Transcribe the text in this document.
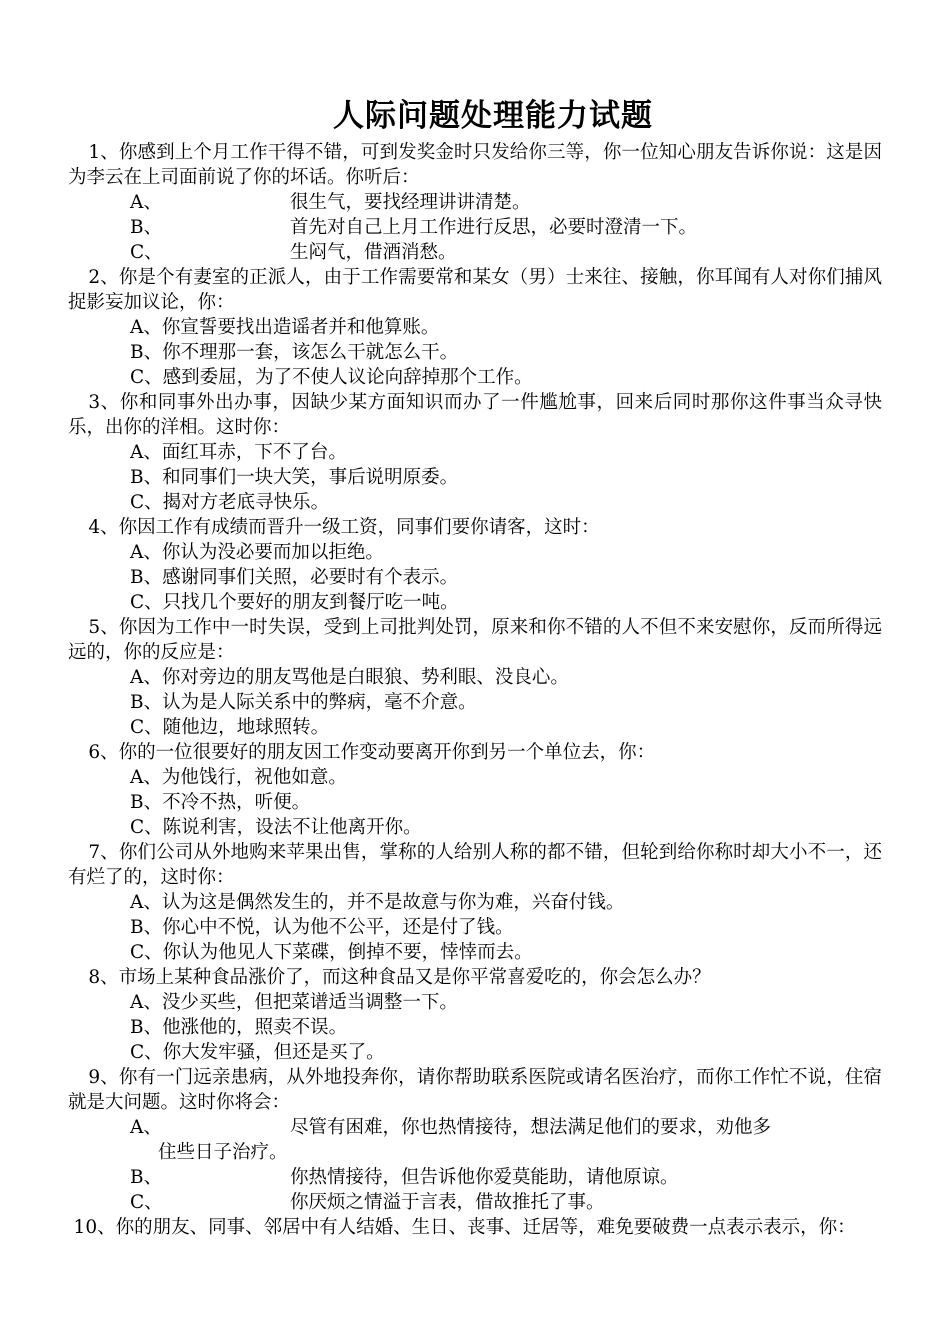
人际问题处理能力试题
1、你感到上个月工作干得不错，可到发奖金时只发给你三等，你一位知心朋友告诉你说：这是因为李云在上司面前说了你的坏话。你听后：
A、	很生气，要找经理讲讲清楚。
B、	首先对自己上月工作进行反思，必要时澄清一下。
C、	生闷气，借酒消愁。
2、你是个有妻室的正派人，由于工作需要常和某女（男）士来往、接触，你耳闻有人对你们捕风捉影妄加议论，你：
A、你宣誓要找出造谣者并和他算账。
B、你不理那一套，该怎么干就怎么干。
C、感到委屈，为了不使人议论向辞掉那个工作。
3、你和同事外出办事，因缺少某方面知识而办了一件尴尬事，回来后同时那你这件事当众寻快乐，出你的洋相。这时你：
A、面红耳赤，下不了台。
B、和同事们一块大笑，事后说明原委。
C、揭对方老底寻快乐。
4、你因工作有成绩而晋升一级工资，同事们要你请客，这时：
A、你认为没必要而加以拒绝。
B、感谢同事们关照，必要时有个表示。
C、只找几个要好的朋友到餐厅吃一吨。
5、你因为工作中一时失误，受到上司批判处罚，原来和你不错的人不但不来安慰你，反而所得远远的，你的反应是：
A、你对旁边的朋友骂他是白眼狼、势利眼、没良心。
B、认为是人际关系中的弊病，毫不介意。
C、随他边，地球照转。
6、你的一位很要好的朋友因工作变动要离开你到另一个单位去，你：
A、为他饯行，祝他如意。
B、不冷不热，听便。
C、陈说利害，设法不让他离开你。
7、你们公司从外地购来苹果出售，掌称的人给别人称的都不错，但轮到给你称时却大小不一，还有烂了的，这时你：
A、认为这是偶然发生的，并不是故意与你为难，兴奋付钱。
B、你心中不悦，认为他不公平，还是付了钱。
C、你认为他见人下菜碟，倒掉不要，悻悻而去。
8、市场上某种食品涨价了，而这种食品又是你平常喜爱吃的，你会怎么办？
A、没少买些，但把菜谱适当调整一下。
B、他涨他的，照卖不误。
C、你大发牢骚，但还是买了。
9、你有一门远亲患病，从外地投奔你，请你帮助联系医院或请名医治疗，而你工作忙不说，住宿就是大问题。这时你将会：
A、	尽管有困难，你也热情接待，想法满足他们的要求，劝他多
住些日子治疗。
B、	你热情接待，但告诉他你爱莫能助，请他原谅。
C、	你厌烦之情溢于言表，借故推托了事。
10、你的朋友、同事、邻居中有人结婚、生日、丧事、迁居等，难免要破费一点表示表示，你：
